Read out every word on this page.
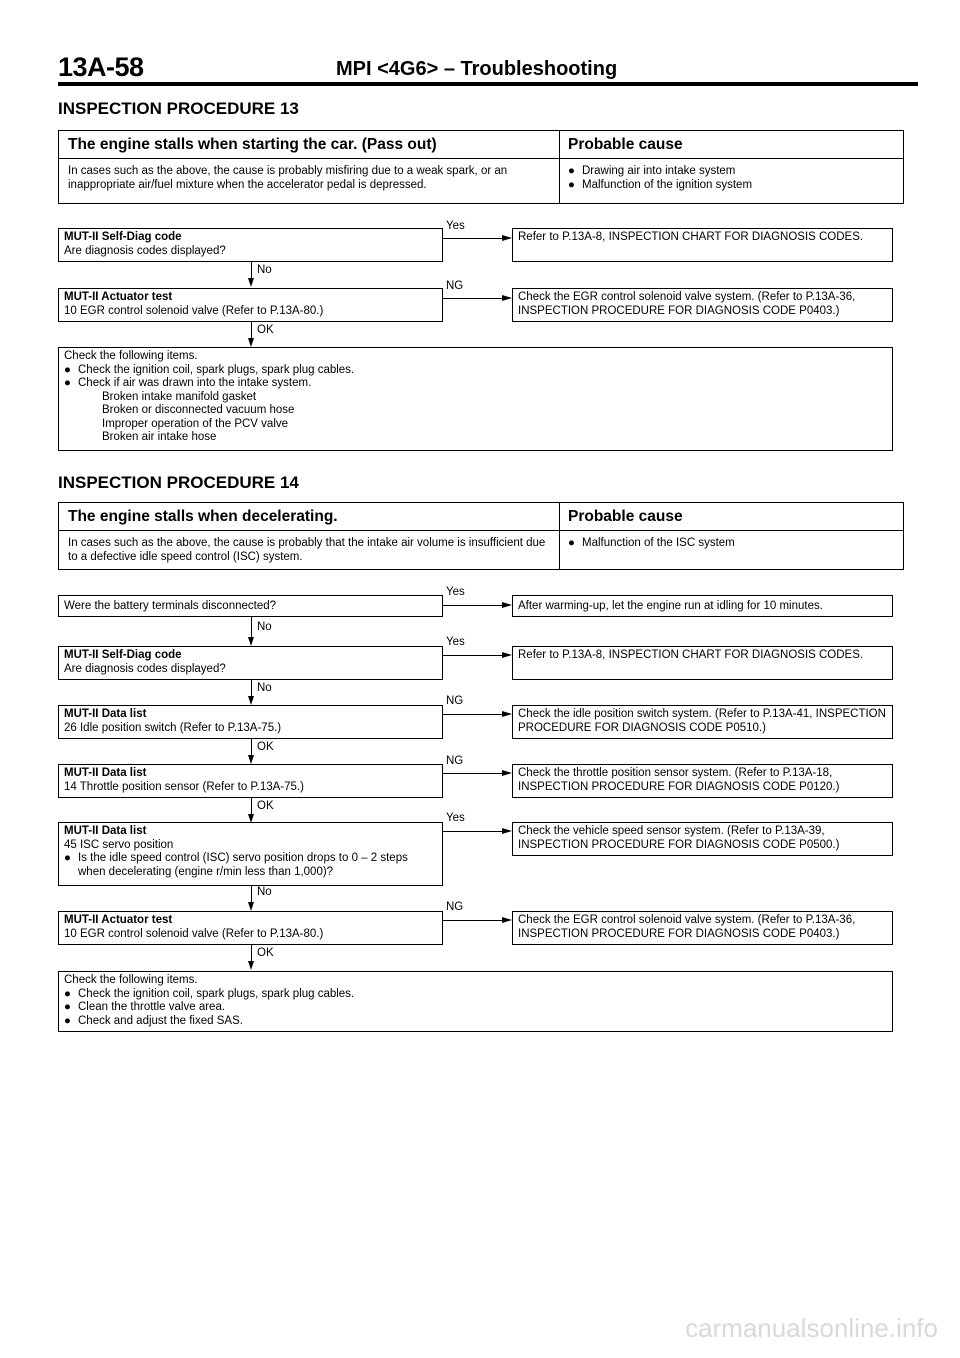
13A-58	MPI <4G6> – Troubleshooting
INSPECTION PROCEDURE 13
The engine stalls when starting the car. (Pass out)
In cases such as the above, the cause is probably misfiring due to a weak spark, or an inappropriate air/fuel mixture when the accelerator pedal is depressed.
Probable cause
● Drawing air into intake system
● Malfunction of the ignition system
MUT-II Self-Diag code
Are diagnosis codes displayed?
Yes
Refer to P.13A-8, INSPECTION CHART FOR DIAGNOSIS CODES.
No
MUT-II Actuator test
10 EGR control solenoid valve (Refer to P.13A-80.)
NG
Check the EGR control solenoid valve system. (Refer to P.13A-36, INSPECTION PROCEDURE FOR DIAGNOSIS CODE P0403.)
OK
Check the following items.
● Check the ignition coil, spark plugs, spark plug cables.
● Check if air was drawn into the intake system.
Broken intake manifold gasket
Broken or disconnected vacuum hose
Improper operation of the PCV valve
Broken air intake hose
INSPECTION PROCEDURE 14
The engine stalls when decelerating.
In cases such as the above, the cause is probably that the intake air volume is insufficient due to a defective idle speed control (ISC) system.
Probable cause
● Malfunction of the ISC system
Were the battery terminals disconnected?
Yes
After warming-up, let the engine run at idling for 10 minutes.
No
MUT-II Self-Diag code
Are diagnosis codes displayed?
Yes
Refer to P.13A-8, INSPECTION CHART FOR DIAGNOSIS CODES.
No
MUT-II Data list
26 Idle position switch (Refer to P.13A-75.)
NG
Check the idle position switch system. (Refer to P.13A-41, INSPECTION PROCEDURE FOR DIAGNOSIS CODE P0510.)
OK
MUT-II Data list
14 Throttle position sensor (Refer to P.13A-75.)
NG
Check the throttle position sensor system. (Refer to P.13A-18, INSPECTION PROCEDURE FOR DIAGNOSIS CODE P0120.)
OK
MUT-II Data list
45 ISC servo position
● Is the idle speed control (ISC) servo position drops to 0 – 2 steps when decelerating (engine r/min less than 1,000)?
Yes
Check the vehicle speed sensor system. (Refer to P.13A-39, INSPECTION PROCEDURE FOR DIAGNOSIS CODE P0500.)
No
MUT-II Actuator test
10 EGR control solenoid valve (Refer to P.13A-80.)
NG
Check the EGR control solenoid valve system. (Refer to P.13A-36, INSPECTION PROCEDURE FOR DIAGNOSIS CODE P0403.)
OK
Check the following items.
● Check the ignition coil, spark plugs, spark plug cables.
● Clean the throttle valve area.
● Check and adjust the fixed SAS.
carmanualsonline.info
